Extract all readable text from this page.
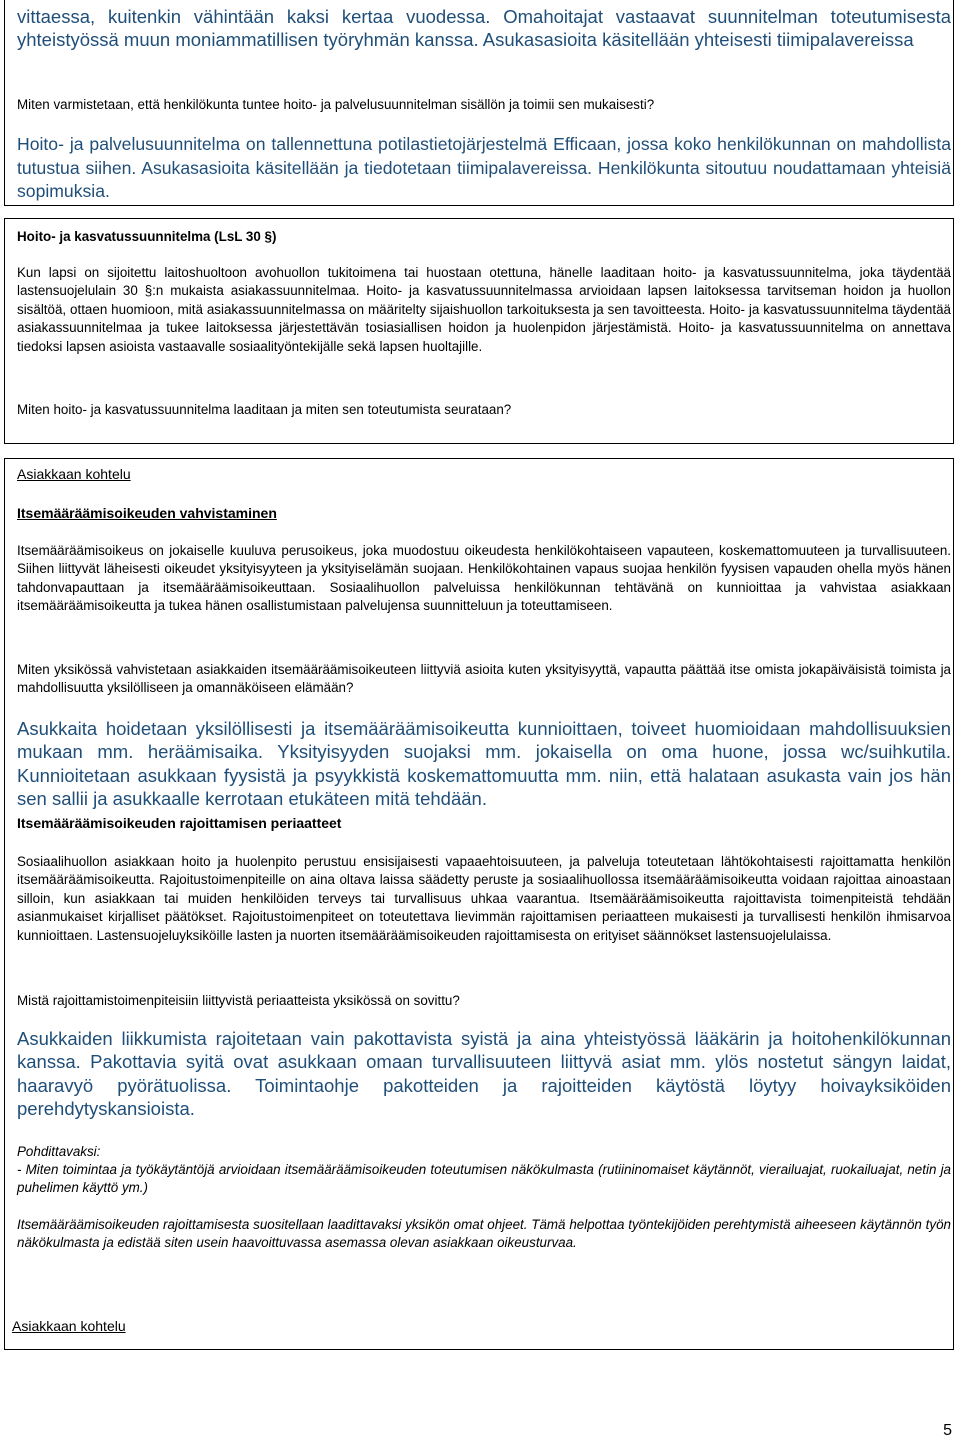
vittaessa, kuitenkin vähintään kaksi kertaa vuodessa. Omahoitajat vastaavat suunnitelman toteutumisesta yhteistyössä muun moniammatillisen työryhmän kanssa. Asukasasioita käsitellään yhteisesti tiimipalavereissa

Miten varmistetaan, että henkilökunta tuntee hoito- ja palvelusuunnitelman sisällön ja toimii sen mukaisesti?

Hoito- ja palvelusuunnitelma on tallennettuna potilastietojärjestelmä Efficaan, jossa koko henkilökunnan on mahdollista tutustua siihen. Asukasasioita käsitellään ja tiedotetaan tiimipalavereissa. Henkilökunta sitoutuu noudattamaan yhteisiä sopimuksia.

Hoito- ja kasvatussuunnitelma (LsL 30 §)

Kun lapsi on sijoitettu laitoshuoltoon avohuollon tukitoimena tai huostaan otettuna, hänelle laaditaan hoito- ja kasvatussuunnitelma, joka täydentää lastensuojelulain 30 §:n mukaista asiakassuunnitelmaa. Hoito- ja kasvatussuunnitelmassa arvioidaan lapsen laitoksessa tarvitseman hoidon ja huollon sisältöä, ottaen huomioon, mitä asiakassuunnitelmassa on määritelty sijaishuollon tarkoituksesta ja sen tavoitteesta. Hoito- ja kasvatussuunnitelma täydentää asiakassuunnitelmaa ja tukee laitoksessa järjestettävän tosiasiallisen hoidon ja huolenpidon järjestämistä. Hoito- ja kasvatussuunnitelma on annettava tiedoksi lapsen asioista vastaavalle sosiaalityöntekijälle sekä lapsen huoltajille.

Miten hoito- ja kasvatussuunnitelma laaditaan ja miten sen toteutumista seurataan?

Asiakkaan kohtelu

Itsemääräämisoikeuden vahvistaminen

Itsemääräämisoikeus on jokaiselle kuuluva perusoikeus, joka muodostuu oikeudesta henkilökohtaiseen vapauteen, koskemattomuuteen ja turvallisuuteen. Siihen liittyvät läheisesti oikeudet yksityisyyteen ja yksityiselämän suojaan. Henkilökohtainen vapaus suojaa henkilön fyysisen vapauden ohella myös hänen tahdonvapauttaan ja itsemääräämisoikeuttaan. Sosiaalihuollon palveluissa henkilökunnan tehtävänä on kunnioittaa ja vahvistaa asiakkaan itsemääräämisoikeutta ja tukea hänen osallistumistaan palvelujensa suunnitteluun ja toteuttamiseen.

Miten yksikössä vahvistetaan asiakkaiden itsemääräämisoikeuteen liittyviä asioita kuten yksityisyyttä, vapautta päättää itse omista jokapäiväisistä toimista ja mahdollisuutta yksilölliseen ja omannäköiseen elämään?

Asukkaita hoidetaan yksilöllisesti ja itsemääräämisoikeutta kunnioittaen, toiveet huomioidaan mahdollisuuksien mukaan mm. heräämisaika. Yksityisyyden suojaksi mm. jokaisella on oma huone, jossa wc/suihkutila. Kunnioitetaan asukkaan fyysistä ja psyykkistä koskemattomuutta mm. niin, että halataan asukasta vain jos hän sen sallii ja asukkaalle kerrotaan etukäteen mitä tehdään.

Itsemääräämisoikeuden rajoittamisen periaatteet

Sosiaalihuollon asiakkaan hoito ja huolenpito perustuu ensisijaisesti vapaaehtoisuuteen, ja palveluja toteutetaan lähtökohtaisesti rajoittamatta henkilön itsemääräämisoikeutta. Rajoitustoimenpiteille on aina oltava laissa säädetty peruste ja sosiaalihuollossa itsemääräämisoikeutta voidaan rajoittaa ainoastaan silloin, kun asiakkaan tai muiden henkilöiden terveys tai turvallisuus uhkaa vaarantua. Itsemääräämisoikeutta rajoittavista toimenpiteistä tehdään asianmukaiset kirjalliset päätökset. Rajoitustoimenpiteet on toteutettava lievimmän rajoittamisen periaatteen mukaisesti ja turvallisesti henkilön ihmisarvoa kunnioittaen. Lastensuojeluyksiköille lasten ja nuorten itsemääräämisoikeuden rajoittamisesta on erityiset säännökset lastensuojelulaissa.

Mistä rajoittamistoimenpiteisiin liittyvistä periaatteista yksikössä on sovittu?

Asukkaiden liikkumista rajoitetaan vain pakottavista syistä ja aina yhteistyössä lääkärin ja hoitohenkilökunnan kanssa. Pakottavia syitä ovat asukkaan omaan turvallisuuteen liittyvä asiat mm. ylös nostetut sängyn laidat, haaravyö pyörätuolissa. Toimintaohje pakotteiden ja rajoitteiden käytöstä löytyy hoivayksiköiden perehdytyskansioista.

Pohdittavaksi:

- Miten toimintaa ja työkäytäntöjä arvioidaan itsemääräämisoikeuden toteutumisen näkökulmasta (rutiininomaiset käytännöt, vierailuajat, ruokailuajat, netin ja puhelimen käyttö ym.)

Itsemääräämisoikeuden rajoittamisesta suositellaan laadittavaksi yksikön omat ohjeet. Tämä helpottaa työntekijöiden perehtymistä aiheeseen käytännön työn näkökulmasta ja edistää siten usein haavoittuvassa asemassa olevan asiakkaan oikeusturvaa.

Asiakkaan kohtelu

5
